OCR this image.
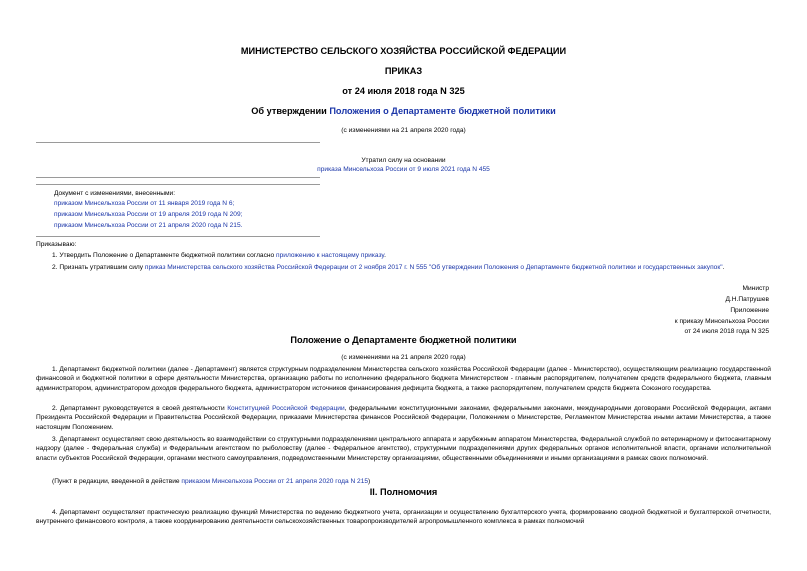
МИНИСТЕРСТВО СЕЛЬСКОГО ХОЗЯЙСТВА РОССИЙСКОЙ ФЕДЕРАЦИИ
ПРИКАЗ
от 24 июля 2018 года N 325
Об утверждении Положения о Департаменте бюджетной политики
(с изменениями на 21 апреля 2020 года)
Утратил силу на основании
приказа Минсельхоза России от 9 июля 2021 года N 455
Документ с изменениями, внесенными:
приказом Минсельхоза России от 11 января 2019 года N 6;
приказом Минсельхоза России от 19 апреля 2019 года N 209;
приказом Минсельхоза России от 21 апреля 2020 года N 215.
Приказываю:
1. Утвердить Положение о Департаменте бюджетной политики согласно приложению к настоящему приказу.
2. Признать утратившим силу приказ Министерства сельского хозяйства Российской Федерации от 2 ноября 2017 г. N 555 "Об утверждении Положения о Департаменте бюджетной политики и государственных закупок".
Министр
Д.Н.Патрушев
Приложение
к приказу Минсельхоза России
от 24 июля 2018 года N 325
Положение о Департаменте бюджетной политики
(с изменениями на 21 апреля 2020 года)
1. Департамент бюджетной политики (далее - Департамент) является структурным подразделением Министерства сельского хозяйства Российской Федерации (далее - Министерство), осуществляющим реализацию государственной финансовой и бюджетной политики в сфере деятельности Министерства, организацию работы по исполнению федерального бюджета Министерством - главным распорядителем, получателем средств федерального бюджета, главным администратором, администратором доходов федерального бюджета, администратором источников финансирования дефицита бюджета, а также распорядителем, получателем средств бюджета Союзного государства.
2. Департамент руководствуется в своей деятельности Конституцией Российской Федерации, федеральными конституционными законами, федеральными законами, международными договорами Российской Федерации, актами Президента Российской Федерации и Правительства Российской Федерации, приказами Министерства финансов Российской Федерации, Положением о Министерстве, Регламентом Министерства иными актами Министерства, а также настоящим Положением.
3. Департамент осуществляет свою деятельность во взаимодействии со структурными подразделениями центрального аппарата и зарубежным аппаратом Министерства, Федеральной службой по ветеринарному и фитосанитарному надзору (далее - Федеральная служба) и Федеральным агентством по рыболовству (далее - Федеральное агентство), структурными подразделениями других федеральных органов исполнительной власти, органами исполнительной власти субъектов Российской Федерации, органами местного самоуправления, подведомственными Министерству организациями, общественными объединениями и иными организациями в рамках своих полномочий.
(Пункт в редакции, введенной в действие приказом Минсельхоза России от 21 апреля 2020 года N 215)
II. Полномочия
4. Департамент осуществляет практическую реализацию функций Министерства по ведению бюджетного учета, организации и осуществлению бухгалтерского учета, формированию сводной бюджетной и бухгалтерской отчетности, внутреннего финансового контроля, а также координированию деятельности сельскохозяйственных товаропроизводителей агропромышленного комплекса в рамках полномочий
